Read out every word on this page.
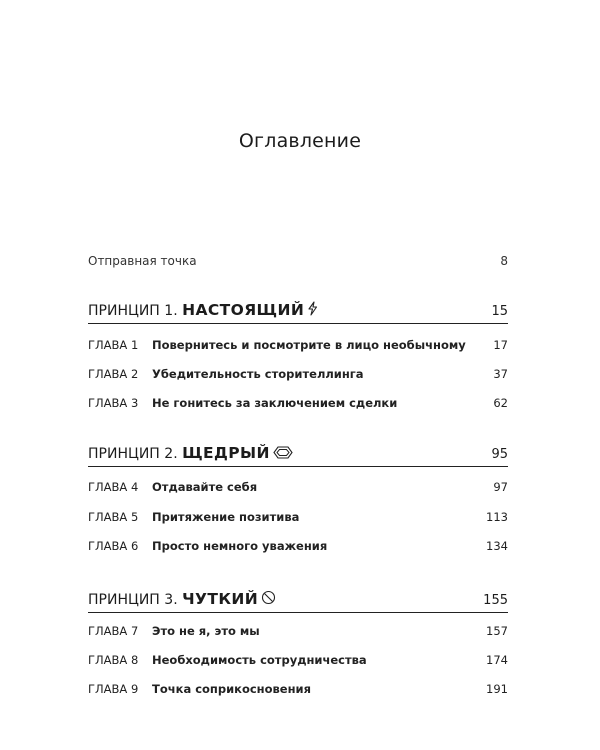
Оглавление
Отправная точка	8
ПРИНЦИП 1. НАСТОЯЩИЙ	15
ГЛАВА 1 Повернитесь и посмотрите в лицо необычному 17
ГЛАВА 2 Убедительность сторителлинга	37
ГЛАВА 3 Не гонитесь за заключением сделки	62
ПРИНЦИП 2. ЩЕДРЫЙ	95
ГЛАВА 4 Отдавайте себя	97
ГЛАВА 5 Притяжение позитива	113
ГЛАВА 6 Просто немного уважения	134
ПРИНЦИП 3. ЧУТКИЙ	155
ГЛАВА 7 Это не я, это мы	157
ГЛАВА 8 Необходимость сотрудничества	174
ГЛАВА 9 Точка соприкосновения	191
